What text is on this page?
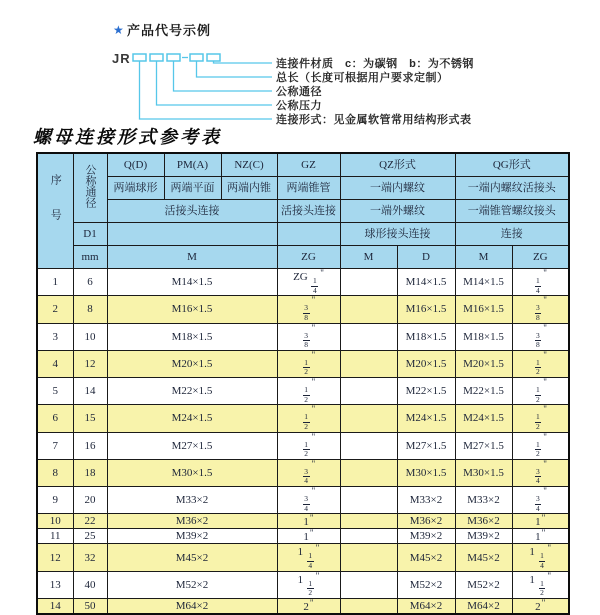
★ 产品代号示例
JR	连接件材质　c：为碳钢　b：为不锈钢
总长（长度可根据用户要求定制）
公称通径
公称压力
连接形式：见金属软管常用结构形式表
螺母连接形式参考表
序号	公称通径	Q(D)	PM(A)	NZ(C)	GZ	QZ形式		QG形式	
		两端球形	两端平面	两端内锥	两端锥管	一端内螺纹		一端内螺纹活接头	
		活接头连接			活接头连接	一端外螺纹		一端锥管螺纹接头	
	D1					球形接头连接		连接	
	mm	M			ZG	M	D	M	ZG
1	6	M14×1.5			ZG $\frac{1}{4}$
"		M14×1.5	M14×1.5	$\frac{1}{4}$
"
2	8	M16×1.5			$\frac{3}{8}$
"		M16×1.5	M16×1.5	$\frac{3}{8}$
"
3	10	M18×1.5			$\frac{3}{8}$
"		M18×1.5	M18×1.5	$\frac{3}{8}$
"
4	12	M20×1.5			$\frac{1}{2}$
"		M20×1.5	M20×1.5	$\frac{1}{2}$
"
5	14	M22×1.5			$\frac{1}{2}$
"		M22×1.5	M22×1.5	$\frac{1}{2}$
"
6	15	M24×1.5			$\frac{1}{2}$
"		M24×1.5	M24×1.5	$\frac{1}{2}$
"
7	16	M27×1.5			$\frac{1}{2}$
"		M27×1.5	M27×1.5	$\frac{1}{2}$
"
8	18	M30×1.5			$\frac{3}{4}$
"		M30×1.5	M30×1.5	$\frac{3}{4}$
"
9	20	M33×2			$\frac{3}{4}$
"		M33×2	M33×2	$\frac{3}{4}$
"
10	22	M36×2			1"		M36×2	M36×2	1"
11	25	M39×2			1"		M39×2	M39×2	1"
12	32	M45×2			$1 \frac{1}{4}$
"		M45×2	M45×2	$1 \frac{1}{4}$
"
13	40	M52×2			$1 \frac{1}{2}$
"		M52×2	M52×2	$1 \frac{1}{2}$
"
14	50	M64×2			2"		M64×2	M64×2	2"
